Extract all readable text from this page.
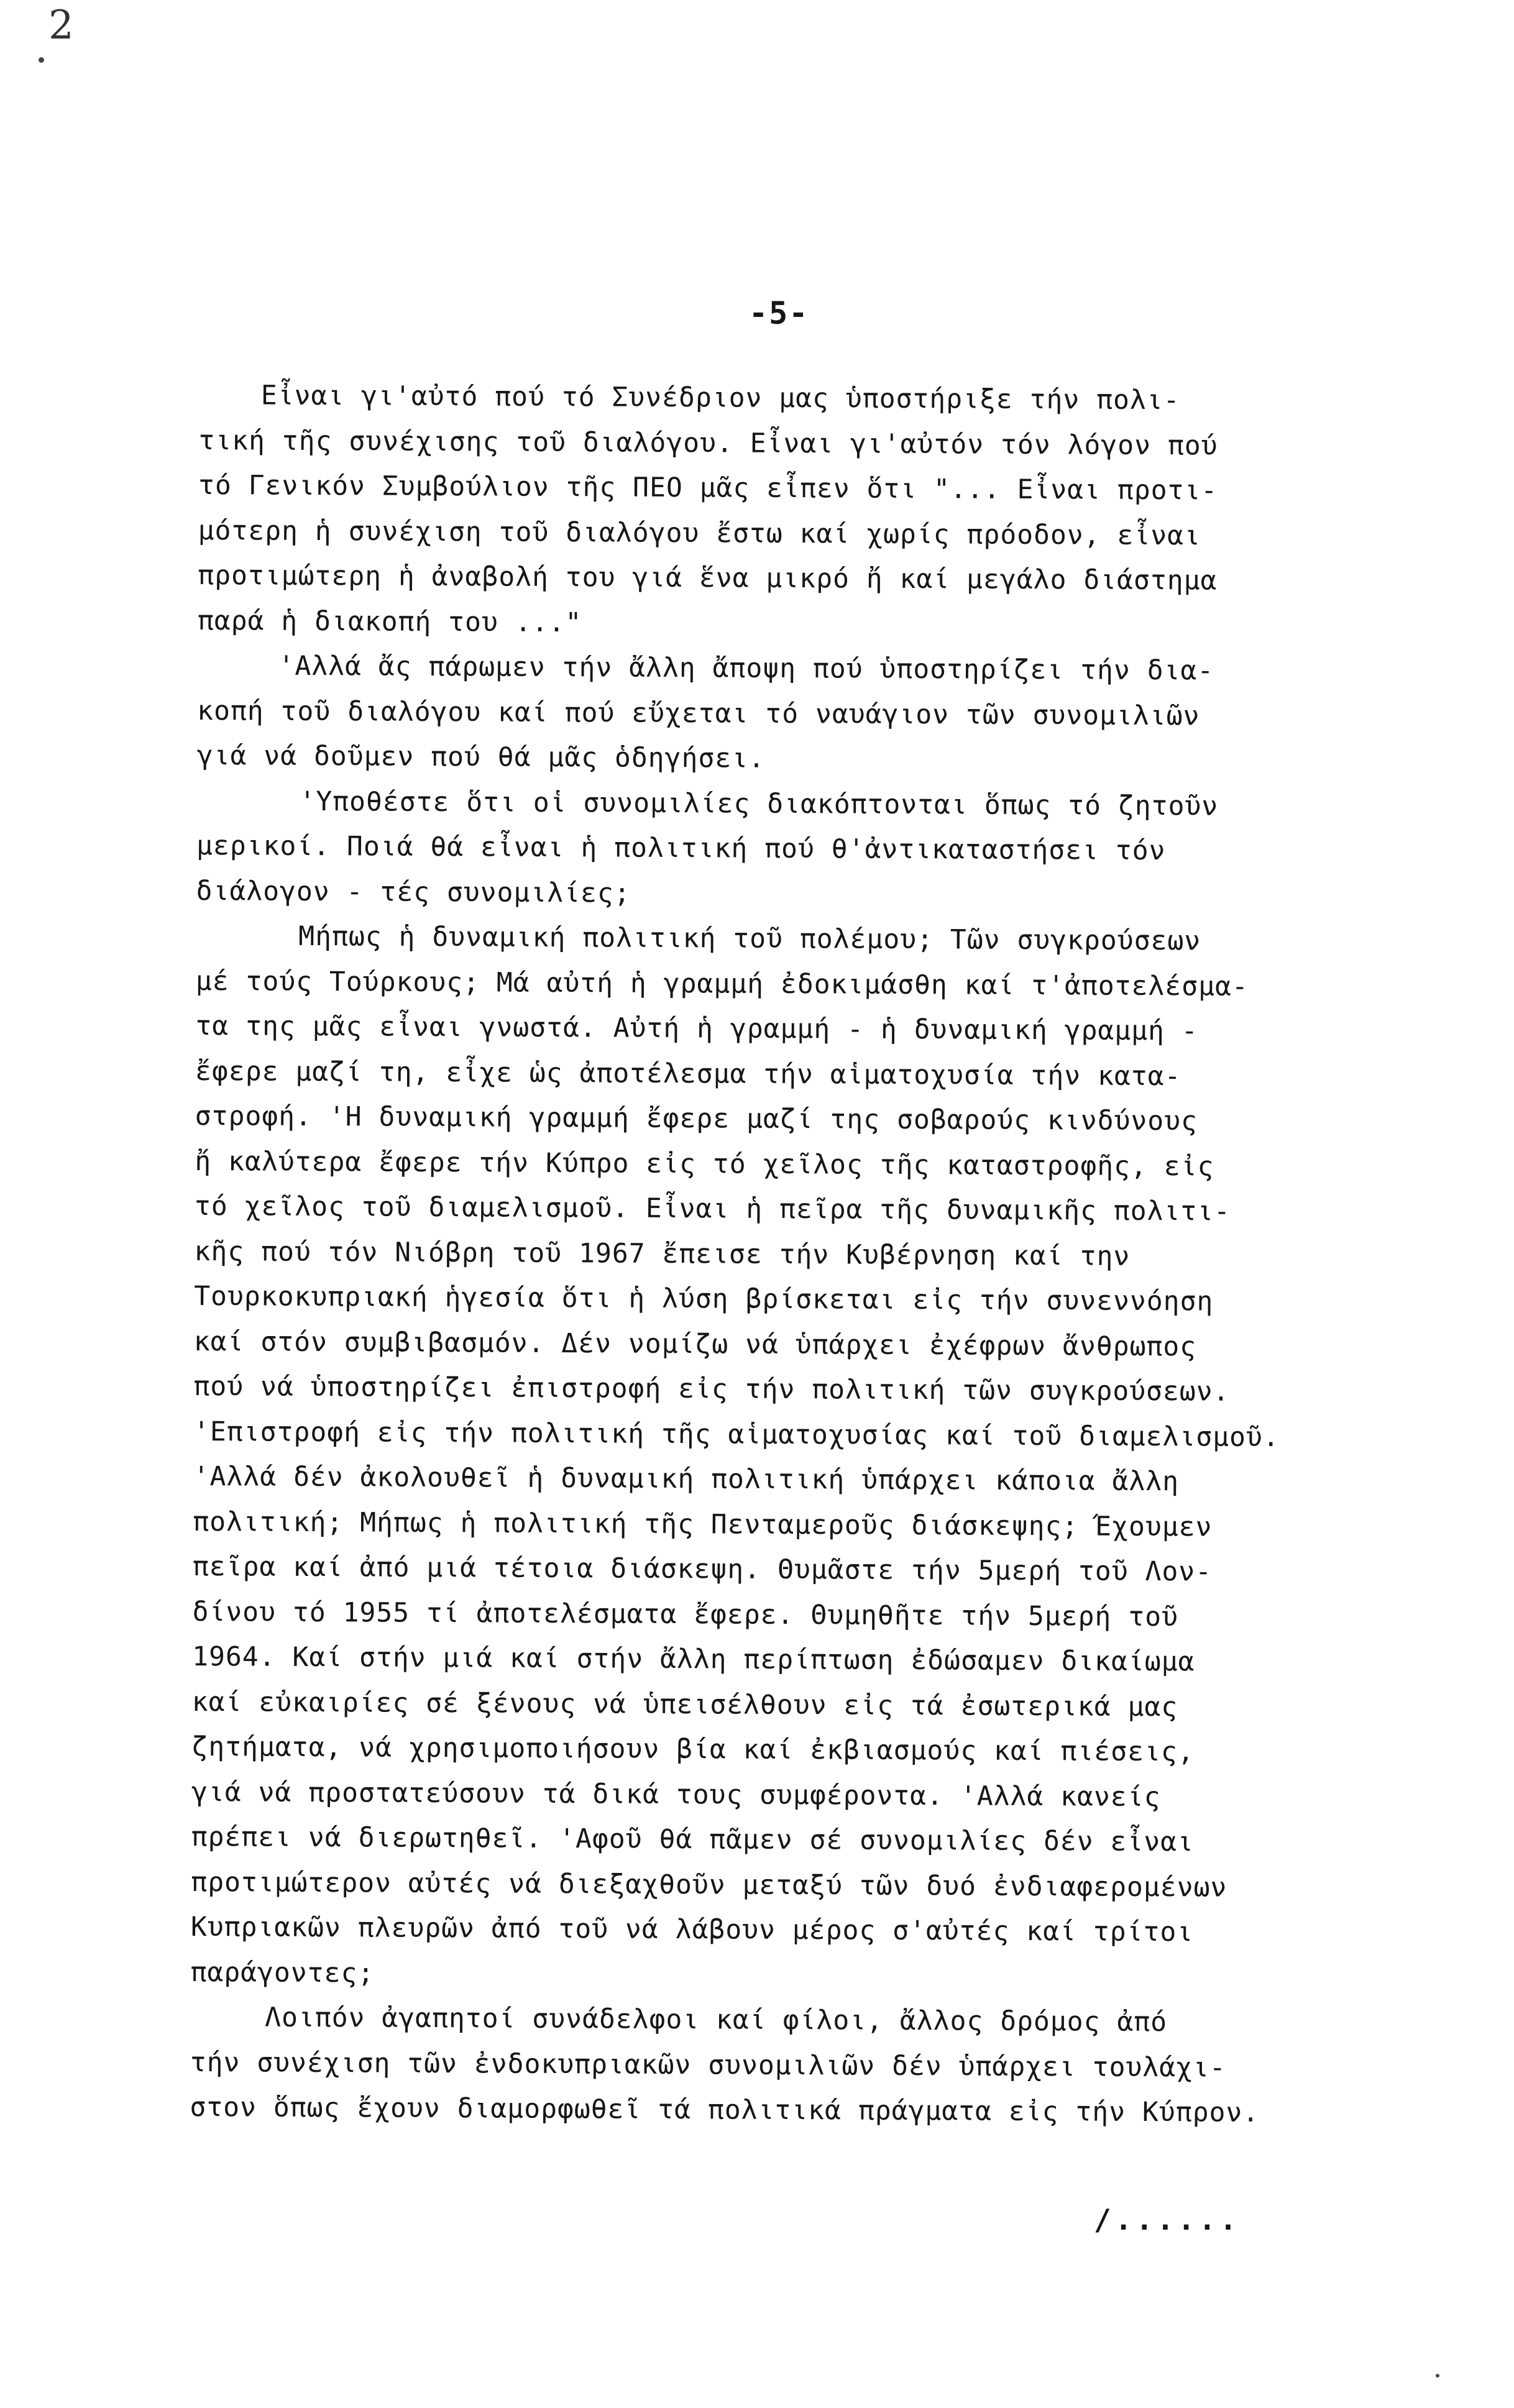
2
-5-
Εἶναι γι'αὐτό πού τό Συνέδριον μας ὑποστήριξε τήν πολι-
τική τῆς συνέχισης τοῦ διαλόγου. Εἶναι γι'αὐτόν τόν λόγον πού
τό Γενικόν Συμβούλιον τῆς ΠΕΟ μᾶς εἶπεν ὅτι "... Εἶναι προτι-
μότερη ἡ συνέχιση τοῦ διαλόγου ἔστω καί χωρίς πρόοδον, εἶναι
προτιμώτερη ἡ ἀναβολή του γιά ἕνα μικρό ἤ καί μεγάλο διάστημα
παρά ἡ διακοπή του ..."
'Αλλά ἄς πάρωμεν τήν ἄλλη ἄποψη πού ὑποστηρίζει τήν δια-
κοπή τοῦ διαλόγου καί πού εὔχεται τό ναυάγιον τῶν συνομιλιῶν
γιά νά δοῦμεν πού θά μᾶς ὁδηγήσει.
'Υποθέστε ὅτι οἱ συνομιλίες διακόπτονται ὅπως τό ζητοῦν
μερικοί. Ποιά θά εἶναι ἡ πολιτική πού θ'ἀντικαταστήσει τόν
διάλογον - τές συνομιλίες;
Μήπως ἡ δυναμική πολιτική τοῦ πολέμου; Τῶν συγκρούσεων
μέ τούς Τούρκους; Μά αὐτή ἡ γραμμή ἐδοκιμάσθη καί τ'ἀποτελέσμα-
τα της μᾶς εἶναι γνωστά. Αὐτή ἡ γραμμή - ἡ δυναμική γραμμή -
ἔφερε μαζί τη, εἶχε ὡς ἀποτέλεσμα τήν αἱματοχυσία τήν κατα-
στροφή. 'Η δυναμική γραμμή ἔφερε μαζί της σοβαρούς κινδύνους
ἤ καλύτερα ἔφερε τήν Κύπρο εἰς τό χεῖλος τῆς καταστροφῆς, εἰς
τό χεῖλος τοῦ διαμελισμοῦ. Εἶναι ἡ πεῖρα τῆς δυναμικῆς πολιτι-
κῆς πού τόν Νιόβρη τοῦ 1967 ἔπεισε τήν Κυβέρνηση καί την
Τουρκοκυπριακή ἡγεσία ὅτι ἡ λύση βρίσκεται εἰς τήν συνεννόηση
καί στόν συμβιβασμόν. Δέν νομίζω νά ὑπάρχει ἐχέφρων ἄνθρωπος
πού νά ὑποστηρίζει ἐπιστροφή εἰς τήν πολιτική τῶν συγκρούσεων.
'Επιστροφή εἰς τήν πολιτική τῆς αἱματοχυσίας καί τοῦ διαμελισμοῦ.
'Αλλά δέν ἀκολουθεῖ ἡ δυναμική πολιτική ὑπάρχει κάποια ἄλλη
πολιτική; Μήπως ἡ πολιτική τῆς Πενταμεροῦς διάσκεψης; Έχουμεν
πεῖρα καί ἀπό μιά τέτοια διάσκεψη. Θυμᾶστε τήν 5μερή τοῦ Λον-
δίνου τό 1955 τί ἀποτελέσματα ἔφερε. Θυμηθῆτε τήν 5μερή τοῦ
1964. Καί στήν μιά καί στήν ἄλλη περίπτωση ἐδώσαμεν δικαίωμα
καί εὐκαιρίες σέ ξένους νά ὑπεισέλθουν εἰς τά ἐσωτερικά μας
ζητήματα, νά χρησιμοποιήσουν βία καί ἐκβιασμούς καί πιέσεις,
γιά νά προστατεύσουν τά δικά τους συμφέροντα. 'Αλλά κανείς
πρέπει νά διερωτηθεῖ. 'Αφοῦ θά πᾶμεν σέ συνομιλίες δέν εἶναι
προτιμώτερον αὐτές νά διεξαχθοῦν μεταξύ τῶν δυό ἐνδιαφερομένων
Κυπριακῶν πλευρῶν ἀπό τοῦ νά λάβουν μέρος σ'αὐτές καί τρίτοι
παράγοντες;
Λοιπόν ἀγαπητοί συνάδελφοι καί φίλοι, ἄλλος δρόμος ἀπό
τήν συνέχιση τῶν ἐνδοκυπριακῶν συνομιλιῶν δέν ὑπάρχει τουλάχι-
στον ὅπως ἔχουν διαμορφωθεῖ τά πολιτικά πράγματα εἰς τήν Κύπρον.
/......
